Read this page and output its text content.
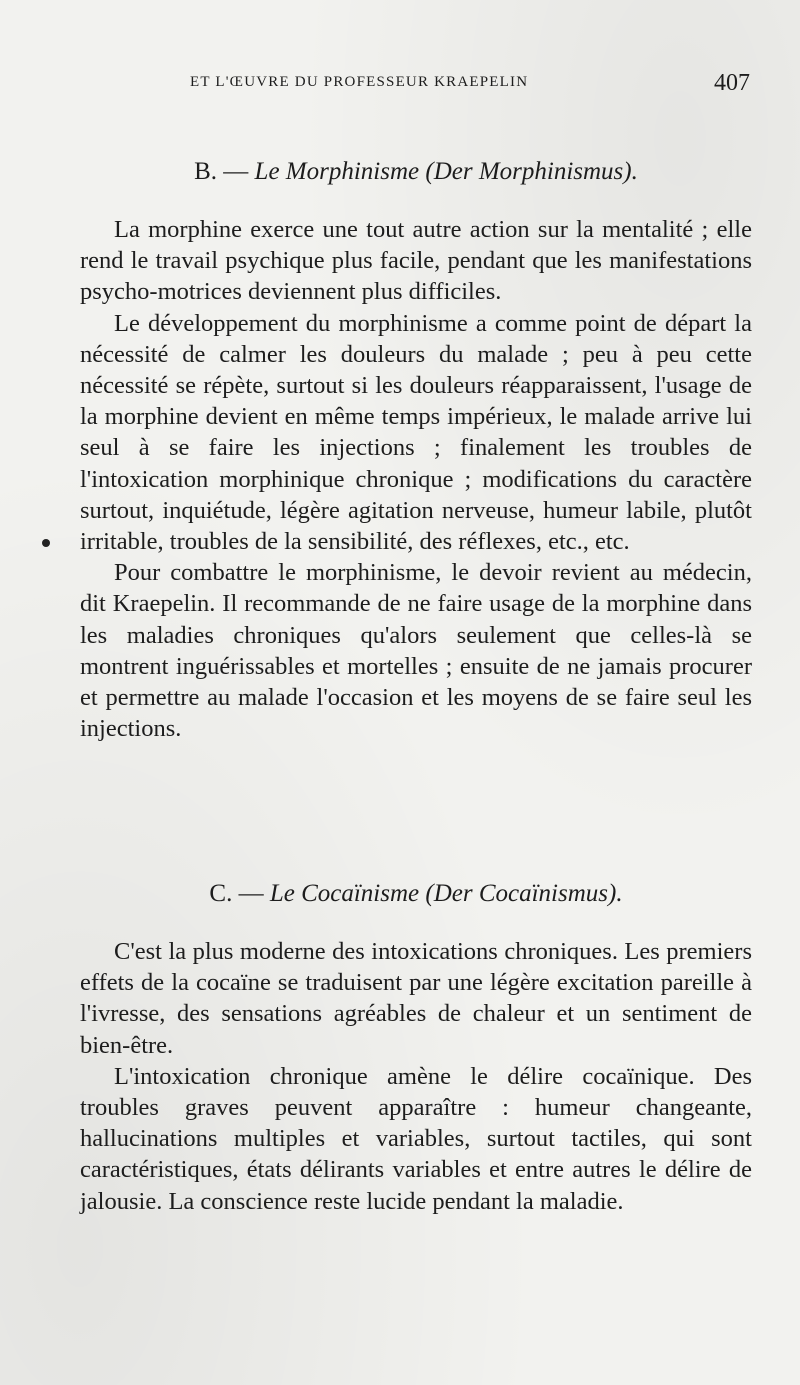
ET L'ŒUVRE DU PROFESSEUR KRAEPELIN	407
B. — Le Morphinisme (Der Morphinismus).

La morphine exerce une tout autre action sur la mentalité ; elle rend le travail psychique plus facile, pendant que les manifestations psycho-motrices deviennent plus difficiles.

Le développement du morphinisme a comme point de départ la nécessité de calmer les douleurs du malade ; peu à peu cette nécessité se répète, surtout si les douleurs réapparaissent, l'usage de la morphine devient en même temps impérieux, le malade arrive lui seul à se faire les injections ; finalement les troubles de l'intoxication morphinique chronique ; modifications du caractère surtout, inquiétude, légère agitation nerveuse, humeur labile, plutôt irritable, troubles de la sensibilité, des réflexes, etc., etc.

Pour combattre le morphinisme, le devoir revient au médecin, dit Kraepelin. Il recommande de ne faire usage de la morphine dans les maladies chroniques qu'alors seulement que celles-là se montrent inguérissables et mortelles ; ensuite de ne jamais procurer et permettre au malade l'occasion et les moyens de se faire seul les injections.

C. — Le Cocaïnisme (Der Cocaïnismus).

C'est la plus moderne des intoxications chroniques. Les premiers effets de la cocaïne se traduisent par une légère excitation pareille à l'ivresse, des sensations agréables de chaleur et un sentiment de bien-être.

L'intoxication chronique amène le délire cocaïnique. Des troubles graves peuvent apparaître : humeur changeante, hallucinations multiples et variables, surtout tactiles, qui sont caractéristiques, états délirants variables et entre autres le délire de jalousie. La conscience reste lucide pendant la maladie.
